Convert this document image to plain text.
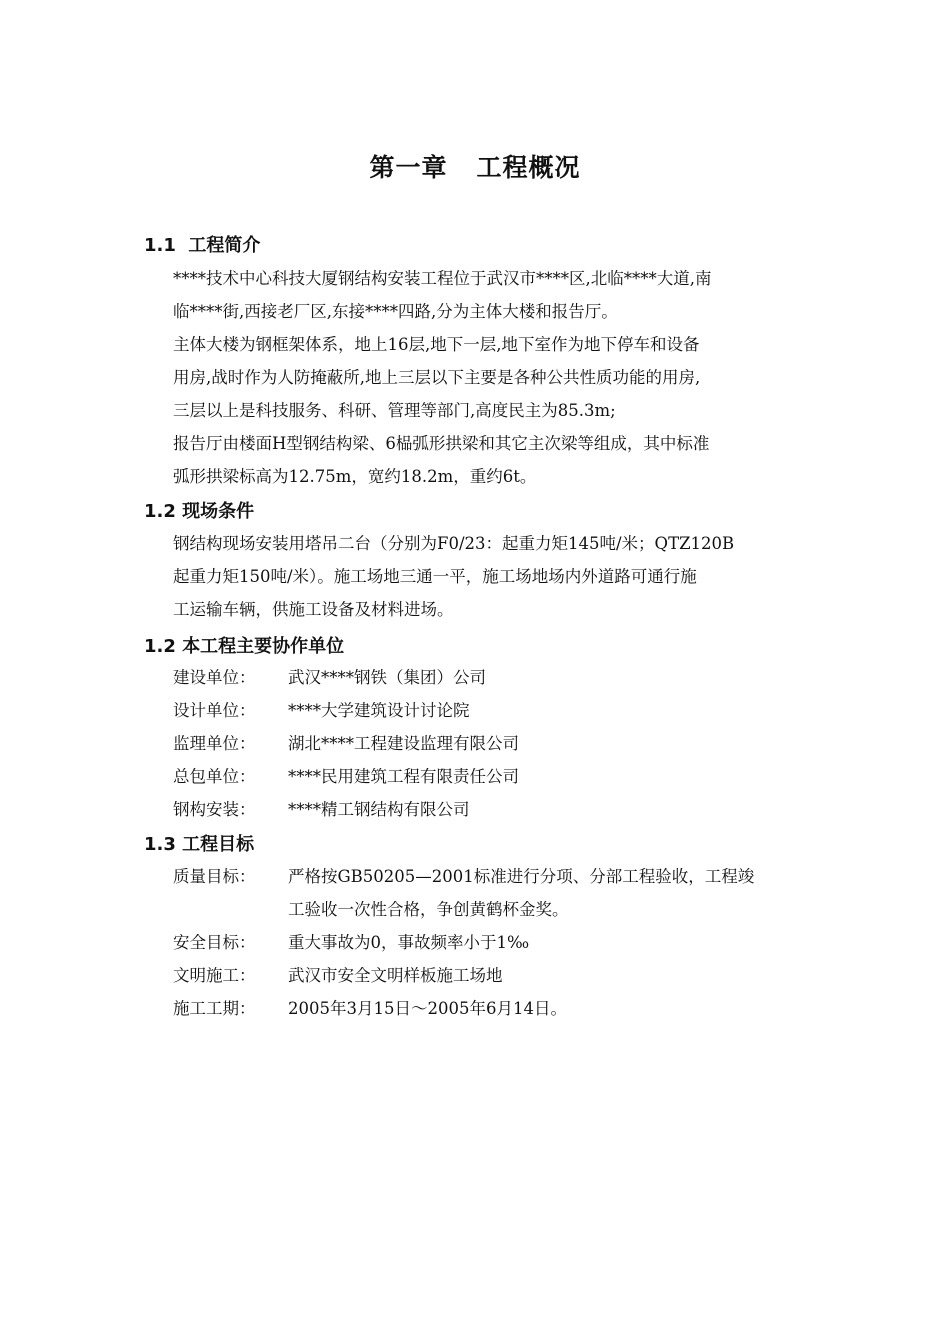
第一章   工程概况
1.1  工程简介
****技术中心科技大厦钢结构安装工程位于武汉市****区,北临****大道,南
临****街,西接老厂区,东接****四路,分为主体大楼和报告厅。
主体大楼为钢框架体系，地上16层,地下一层,地下室作为地下停车和设备
用房,战时作为人防掩蔽所,地上三层以下主要是各种公共性质功能的用房,
三层以上是科技服务、科研、管理等部门,高度民主为85.3m;
报告厅由楼面H型钢结构梁、6榀弧形拱梁和其它主次梁等组成，其中标准
弧形拱梁标高为12.75m，宽约18.2m，重约6t。
1.2 现场条件
钢结构现场安装用塔吊二台（分别为F0/23：起重力矩145吨/米；QTZ120B
起重力矩150吨/米）。施工场地三通一平，施工场地场内外道路可通行施
工运输车辆，供施工设备及材料进场。
1.2 本工程主要协作单位
建设单位： 武汉****钢铁（集团）公司
设计单位： ****大学建筑设计讨论院
监理单位： 湖北****工程建设监理有限公司
总包单位： ****民用建筑工程有限责任公司
钢构安装： ****精工钢结构有限公司
1.3 工程目标
质量目标： 严格按GB50205—2001标准进行分项、分部工程验收，工程竣
工验收一次性合格，争创黄鹤杯金奖。
安全目标： 重大事故为0，事故频率小于1‰
文明施工： 武汉市安全文明样板施工场地
施工工期： 2005年3月15日～2005年6月14日。
